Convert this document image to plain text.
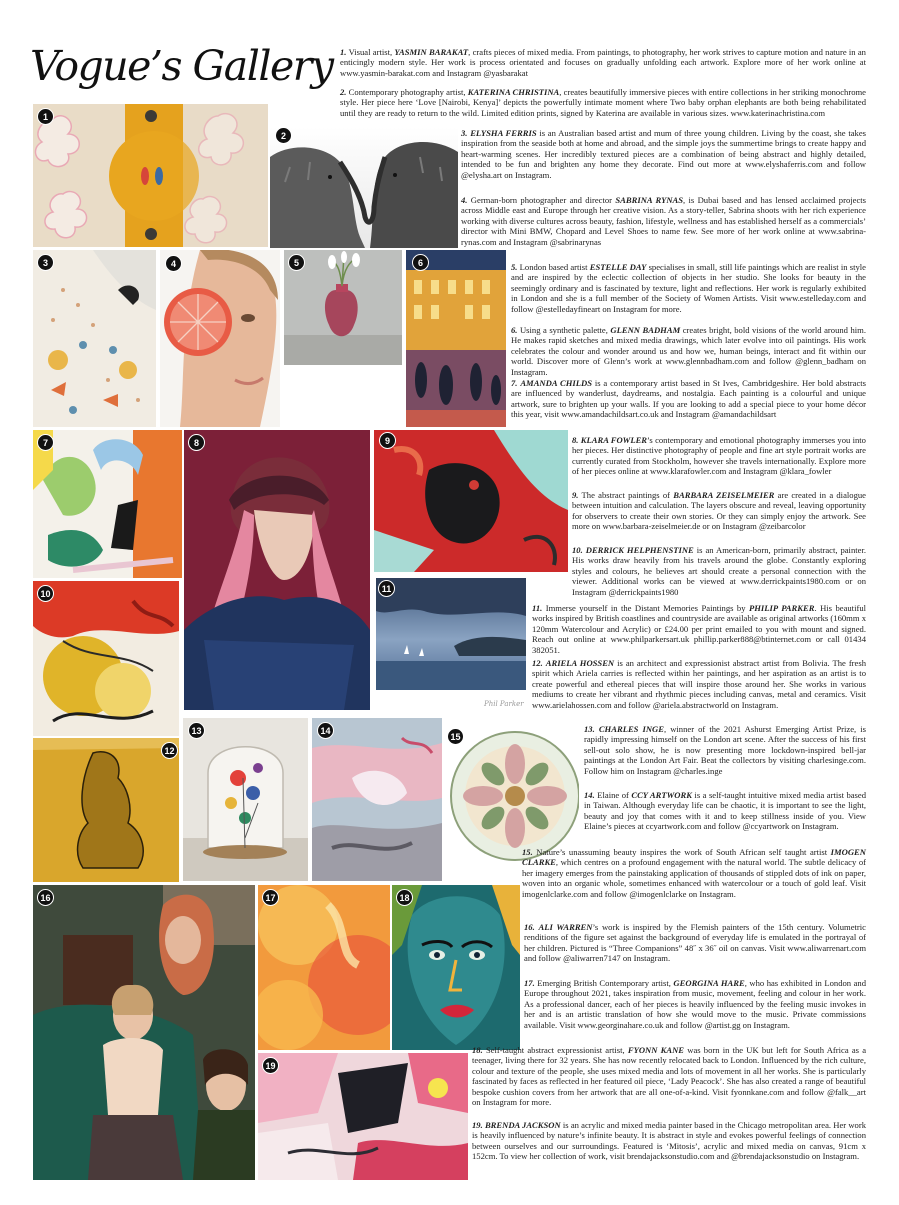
Vogue’s Gallery
1
2
3	4	5	6
7	8	9
10	11
Phil Parker
12
13	14
15
16	17	18
19

1. Visual artist, YASMIN BARAKAT, crafts pieces of mixed media. From paintings, to photography, her work strives to capture motion and nature in an enticingly modern style. Her work is process orientated and focuses on gradually unfolding each artwork. Explore more of her work online at www.yasmin-barakat.com and Instagram @yasbarakat

2. Contemporary photography artist, KATERINA CHRISTINA, creates beautifully immersive pieces with entire collections in her striking monochrome style. Her piece here ‘Love [Nairobi, Kenya]’ depicts the powerfully intimate moment where Two baby orphan elephants are both being rehabilitated until they are ready to return to the wild. Limited edition prints, signed by Katerina are available in various sizes. www.katerinachristina.com

3. ELYSHA FERRIS is an Australian based artist and mum of three young children. Living by the coast, she takes inspiration from the seaside both at home and abroad, and the simple joys the summertime brings to create happy and heart-warming scenes. Her incredibly textured pieces are a combination of being abstract and highly detailed, intended to be fun and brighten any home they decorate. Find out more at www.elyshaferris.com and follow @elysha.art on Instagram.

4. German-born photographer and director SABRINA RYNAS, is Dubai based and has lensed acclaimed projects across Middle east and Europe through her creative vision. As a story-teller, Sabrina shoots with her rich experience working with diverse cultures across beauty, fashion, lifestyle, wellness and has established herself as a commercials’ director with Mini BMW, Chopard and Level Shoes to name few. See more of her work online at www.sabrina-rynas.com and Instagram @sabrinarynas

5. London based artist ESTELLE DAY specialises in small, still life paintings which are realist in style and are inspired by the eclectic collection of objects in her studio. She looks for beauty in the seemingly ordinary and is fascinated by texture, light and reflections. Her work is regularly exhibited in London and she is a full member of the Society of Women Artists. Visit www.estelleday.com and follow @estelledayfineart on Instagram for more.

6. Using a synthetic palette, GLENN BADHAM creates bright, bold visions of the world around him. He makes rapid sketches and mixed media drawings, which later evolve into oil paintings. His work celebrates the colour and wonder around us and how we, human beings, interact and fit within our world. Discover more of Glenn’s work at www.glennbadham.com and follow @glenn_badham on Instagram.

7. AMANDA CHILDS is a contemporary artist based in St Ives, Cambridgeshire. Her bold abstracts are influenced by wanderlust, daydreams, and nostalgia. Each painting is a colourful and unique artwork, sure to brighten up your walls. If you are looking to add a special piece to your home décor this year, visit www.amandachildsart.co.uk and Instagram @amandachildsart

8. KLARA FOWLER’s contemporary and emotional photography immerses you into her pieces. Her distinctive photography of people and fine art style portrait works are currently curated from Stockholm, however she travels internationally. Explore more of her pieces online at www.klarafowler.com and Instagram @klara_fowler

9. The abstract paintings of BARBARA ZEISELMEIER are created in a dialogue between intuition and calculation. The layers obscure and reveal, leaving opportunity for observers to create their own stories. Or they can simply enjoy the artwork. See more on www.barbara-zeiselmeier.de or on Instagram @zeibarcolor

10. DERRICK HELPHENSTINE is an American-born, primarily abstract, painter. His works draw heavily from his travels around the globe. Constantly exploring styles and colours, he believes art should create a personal connection with the viewer. Additional works can be viewed at www.derrickpaints1980.com or on Instagram @derrickpaints1980

11. Immerse yourself in the Distant Memories Paintings by PHILIP PARKER. His beautiful works inspired by British coastlines and countryside are available as original artworks (160mm x 120mm Watercolour and Acrylic) or £24.00 per print emailed to you with mount and signed. Reach out online at www.philparkersart.uk phillip.parker888@btinternet.com or call 01434 382051.

12. ARIELA HOSSEN is an architect and expressionist abstract artist from Bolivia. The fresh spirit which Ariela carries is reflected within her paintings, and her aspiration as an artist is to create powerful and ethereal pieces that will inspire those around her. She works in various mediums to create her vibrant and rhythmic pieces including canvas, metal and ceramics. Visit www.arielahossen.com and follow @ariela.abstractworld on Instagram.

13. CHARLES INGE, winner of the 2021 Ashurst Emerging Artist Prize, is rapidly impressing himself on the London art scene. After the success of his first sell-out solo show, he is now presenting more lockdown-inspired bell-jar paintings at the London Art Fair. Beat the collectors by visiting charlesinge.com. Follow him on Instagram @charles.inge

14. Elaine of CCY ARTWORK is a self-taught intuitive mixed media artist based in Taiwan. Although everyday life can be chaotic, it is important to see the light, beauty and joy that comes with it and to keep stillness inside of you. View Elaine’s pieces at ccyartwork.com and follow @ccyartwork on Instagram.

15. Nature’s unassuming beauty inspires the work of South African self taught artist IMOGEN CLARKE, which centres on a profound engagement with the natural world. The subtle delicacy of her imagery emerges from the painstaking application of thousands of stippled dots of ink on paper, woven into an organic whole, sometimes enhanced with watercolour or a touch of gold leaf. Visit imogenlclarke.com and follow @imogenlclarke on Instagram.

16. ALI WARREN’s work is inspired by the Flemish painters of the 15th century. Volumetric renditions of the figure set against the background of everyday life is emulated in the portrayal of her children. Pictured is “Three Companions” 48˝ x 36˝ oil on canvas. Visit www.aliwarrenart.com and follow @aliwarren7147 on Instagram.

17. Emerging British Contemporary artist, GEORGINA HARE, who has exhibited in London and Europe throughout 2021, takes inspiration from music, movement, feeling and colour in her work. As a professional dancer, each of her pieces is heavily influenced by the feeling music invokes in her and is an artistic translation of how she would move to the music. Private commissions available. Visit www.georginahare.co.uk and follow @artist.gg on Instagram.

18. Self-taught abstract expressionist artist, FYONN KANE was born in the UK but left for South Africa as a teenager, living there for 32 years. She has now recently relocated back to London. Influenced by the rich culture, colour and texture of the people, she uses mixed media and lots of movement in all her works. She is particularly fascinated by faces as reflected in her featured oil piece, ‘Lady Peacock’. She has also created a range of beautiful bespoke cushion covers from her artwork that are all one-of-a-kind. Visit fyonnkane.com and follow @falk__art on Instagram for more.

19. BRENDA JACKSON is an acrylic and mixed media painter based in the Chicago metropolitan area. Her work is heavily influenced by nature’s infinite beauty. It is abstract in style and evokes powerful feelings of connection between ourselves and our surroundings. Featured is ‘Mitosis’, acrylic and mixed media on canvas, 91cm x 152cm. To view her collection of work, visit brendajacksonstudio.com and @brendajacksonstudio on Instagram.
